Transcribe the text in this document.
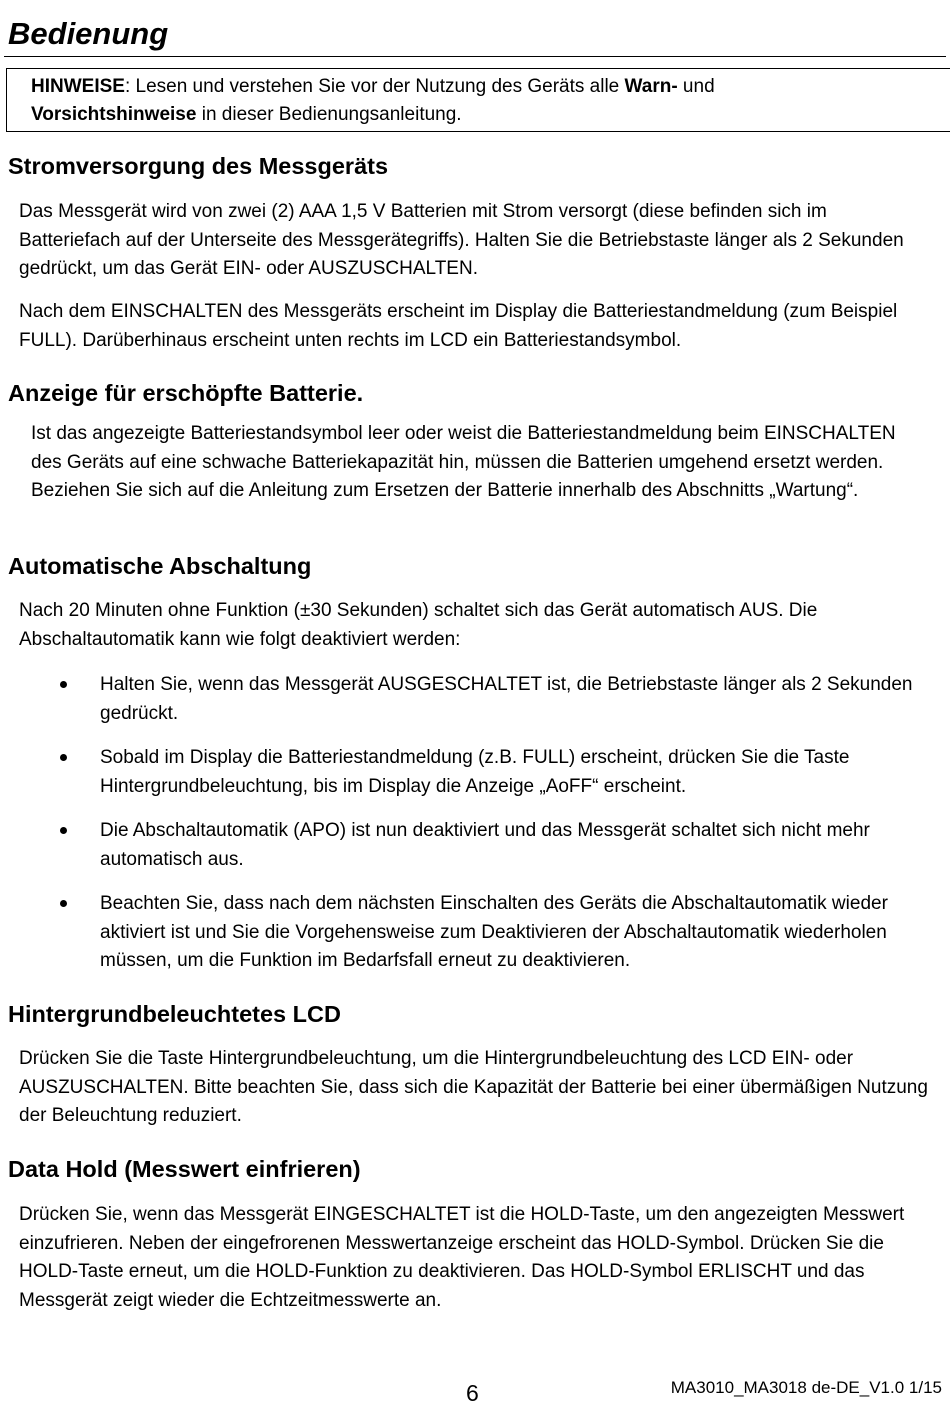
Bedienung
HINWEISE: Lesen und verstehen Sie vor der Nutzung des Geräts alle Warn- und
Vorsichtshinweise in dieser Bedienungsanleitung.
Stromversorgung des Messgeräts
Das Messgerät wird von zwei (2) AAA 1,5 V Batterien mit Strom versorgt (diese befinden sich im Batteriefach auf der Unterseite des Messgerätegriffs). Halten Sie die Betriebstaste länger als 2 Sekunden gedrückt, um das Gerät EIN- oder AUSZUSCHALTEN.
Nach dem EINSCHALTEN des Messgeräts erscheint im Display die Batteriestandmeldung (zum Beispiel FULL). Darüberhinaus erscheint unten rechts im LCD ein Batteriestandsymbol.
Anzeige für erschöpfte Batterie.
Ist das angezeigte Batteriestandsymbol leer oder weist die Batteriestandmeldung beim EINSCHALTEN des Geräts auf eine schwache Batteriekapazität hin, müssen die Batterien umgehend ersetzt werden. Beziehen Sie sich auf die Anleitung zum Ersetzen der Batterie innerhalb des Abschnitts „Wartung“.
Automatische Abschaltung
Nach 20 Minuten ohne Funktion (±30 Sekunden) schaltet sich das Gerät automatisch AUS. Die Abschaltautomatik kann wie folgt deaktiviert werden:
Halten Sie, wenn das Messgerät AUSGESCHALTET ist, die Betriebstaste länger als 2 Sekunden gedrückt.
Sobald im Display die Batteriestandmeldung (z.B. FULL) erscheint, drücken Sie die Taste Hintergrundbeleuchtung, bis im Display die Anzeige „AoFF“ erscheint.
Die Abschaltautomatik (APO) ist nun deaktiviert und das Messgerät schaltet sich nicht mehr automatisch aus.
Beachten Sie, dass nach dem nächsten Einschalten des Geräts die Abschaltautomatik wieder aktiviert ist und Sie die Vorgehensweise zum Deaktivieren der Abschaltautomatik wiederholen müssen, um die Funktion im Bedarfsfall erneut zu deaktivieren.
Hintergrundbeleuchtetes LCD
Drücken Sie die Taste Hintergrundbeleuchtung, um die Hintergrundbeleuchtung des LCD EIN- oder AUSZUSCHALTEN. Bitte beachten Sie, dass sich die Kapazität der Batterie bei einer übermäßigen Nutzung der Beleuchtung reduziert.
Data Hold (Messwert einfrieren)
Drücken Sie, wenn das Messgerät EINGESCHALTET ist die HOLD-Taste, um den angezeigten Messwert einzufrieren. Neben der eingefrorenen Messwertanzeige erscheint das HOLD-Symbol. Drücken Sie die HOLD-Taste erneut, um die HOLD-Funktion zu deaktivieren. Das HOLD-Symbol ERLISCHT und das Messgerät zeigt wieder die Echtzeitmesswerte an.
6	MA3010_MA3018 de-DE_V1.0 1/15
